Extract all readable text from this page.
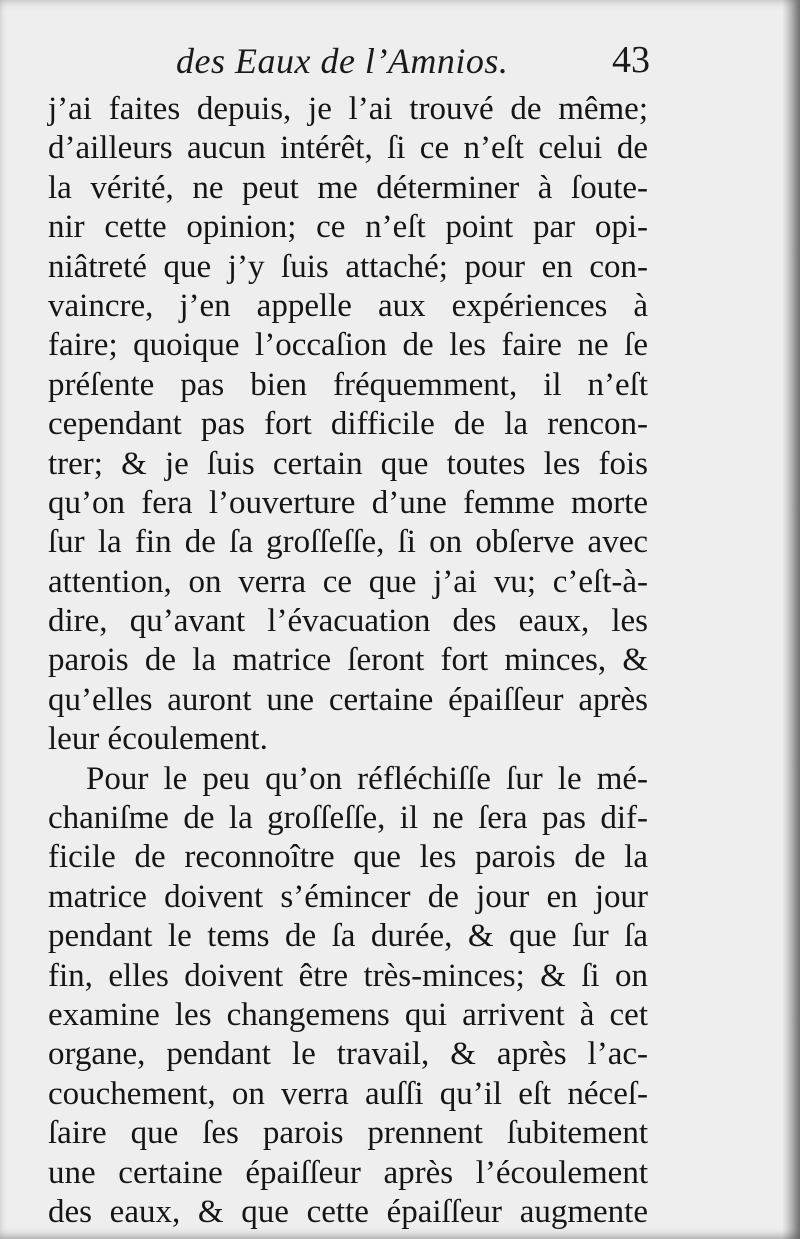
des Eaux de l’Amnios.	43
j’ai faites depuis, je l’ai trouvé de même;
d’ailleurs aucun intérêt, ſi ce n’eſt celui de
la vérité, ne peut me déterminer à ſoute-
nir cette opinion; ce n’eſt point par opi-
niâtreté que j’y ſuis attaché; pour en con-
vaincre, j’en appelle aux expériences à
faire; quoique l’occaſion de les faire ne ſe
préſente pas bien fréquemment, il n’eſt
cependant pas fort difficile de la rencon-
trer; & je ſuis certain que toutes les fois
qu’on fera l’ouverture d’une femme morte
ſur la fin de ſa groſſeſſe, ſi on obſerve avec
attention, on verra ce que j’ai vu; c’eſt-à-
dire, qu’avant l’évacuation des eaux, les
parois de la matrice ſeront fort minces, &
qu’elles auront une certaine épaiſſeur après
leur écoulement.
Pour le peu qu’on réfléchiſſe ſur le mé-
chaniſme de la groſſeſſe, il ne ſera pas dif-
ficile de reconnoître que les parois de la
matrice doivent s’émincer de jour en jour
pendant le tems de ſa durée, & que ſur ſa
fin, elles doivent être très-minces; & ſi on
examine les changemens qui arrivent à cet
organe, pendant le travail, & après l’ac-
couchement, on verra auſſi qu’il eſt néceſ-
ſaire que ſes parois prennent ſubitement
une certaine épaiſſeur après l’écoulement
des eaux, & que cette épaiſſeur augmente
